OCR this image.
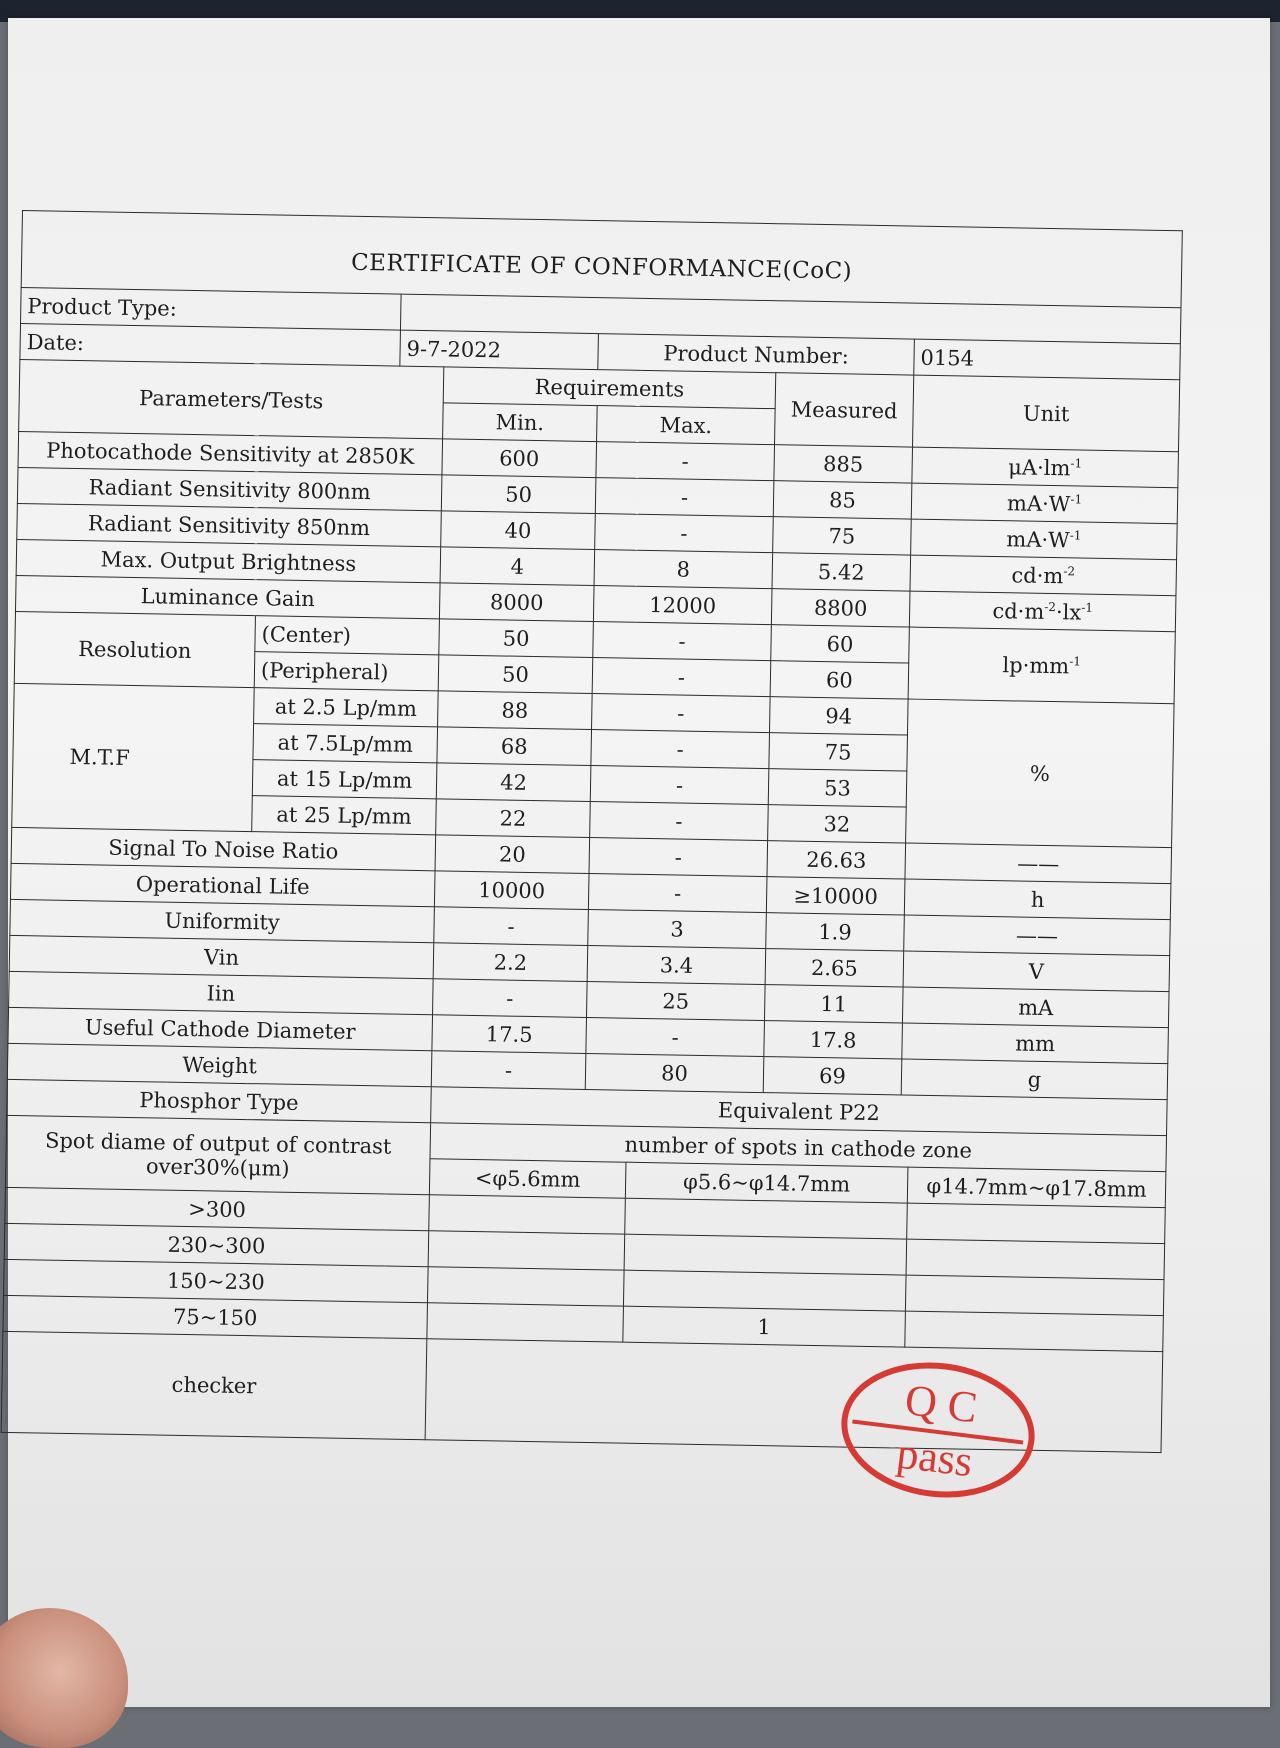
CERTIFICATE OF CONFORMANCE(CoC)								
Product Type:								
Date:		9-7-2022		Product Number:			0154	
Parameters/Tests			Requirements			Measured	Unit	
			Min.	Max.				
Photocathode Sensitivity at 2850K			600	-		885	$\mu A\cdot lm^{-1}$
Radiant Sensitivity 800nm			50	-		85	$mA\cdot W^{-1}$
Radiant Sensitivity 850nm			40	-		75	$mA\cdot W^{-1}$
Max. Output Brightness			4	8		5.42	$cd\cdot m^{-2}$
Luminance Gain			8000	12000		8800	$cd\cdot m^{-2}\cdot lx^{-1}$
Resolution	(Center)		50	-		60	$lp\cdot mm^{-1}$
	(Peripheral)		50	-		60		
M.T.F	at 2.5 Lp/mm		88	-		94	%	
	at 7.5Lp/mm		68	-		75		
	at 15 Lp/mm		42	-		53		
	at 25 Lp/mm		22	-		32		
Signal To Noise Ratio			20	-		26.63	——	
Operational Life			10000	-		≥10000	h	
Uniformity			-	3		1.9	——	
Vin			2.2	3.4		2.65	V	
Iin			-	25		11	mA	
Useful Cathode Diameter			17.5	-		17.8	mm	
Weight			-	80		69	g	
Phosphor Type			Equivalent P22					

Spot diame of output of contrast
over30%(μm)			number of spots in cathode zone					
			<φ5.6mm		φ5.6~φ14.7mm			φ14.7mm~φ17.8mm
>300								
230~300								
150~230								
75~150					1			
checker									Q C
pass
